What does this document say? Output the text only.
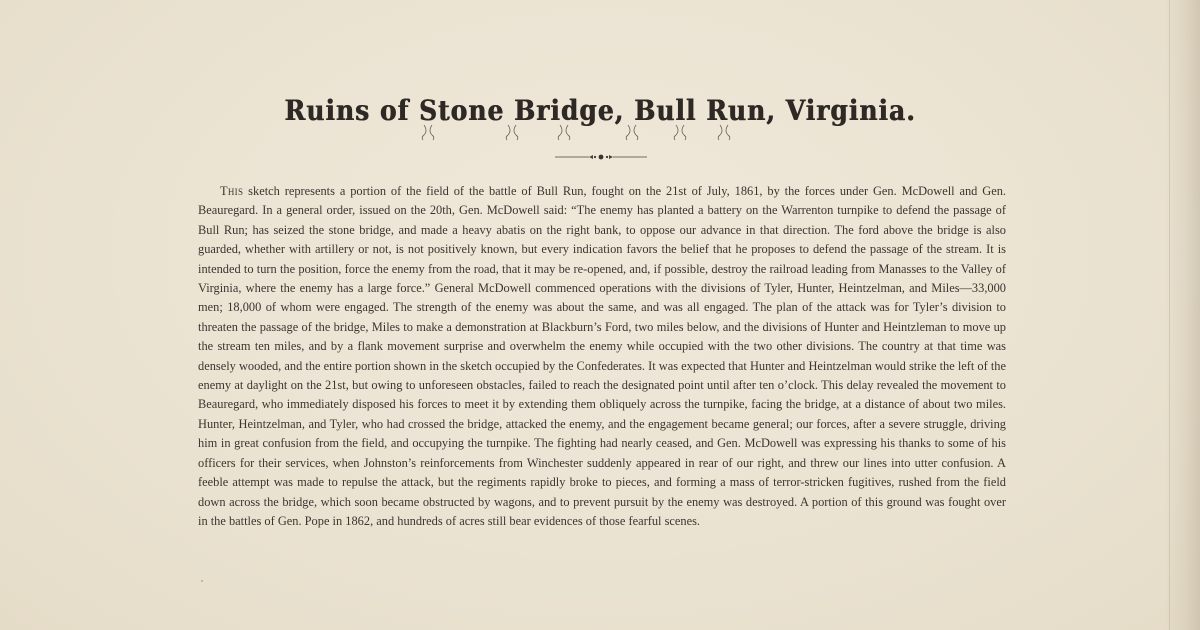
Ruins of Stone Bridge, Bull Run, Virginia.

This sketch represents a portion of the field of the battle of Bull Run, fought on the 21st of July, 1861, by the forces under Gen. McDowell and Gen. Beauregard. In a general order, issued on the 20th, Gen. McDowell said: “The enemy has planted a battery on the Warrenton turnpike to defend the passage of Bull Run; has seized the stone bridge, and made a heavy abatis on the right bank, to oppose our advance in that direction. The ford above the bridge is also guarded, whether with artillery or not, is not positively known, but every indication favors the belief that he proposes to defend the passage of the stream. It is intended to turn the position, force the enemy from the road, that it may be re-opened, and, if possible, destroy the railroad leading from Manasses to the Valley of Virginia, where the enemy has a large force.” General McDowell commenced operations with the divisions of Tyler, Hunter, Heintzelman, and Miles—33,000 men; 18,000 of whom were engaged. The strength of the enemy was about the same, and was all engaged. The plan of the attack was for Tyler’s division to threaten the passage of the bridge, Miles to make a demonstration at Blackburn’s Ford, two miles below, and the divisions of Hunter and Heintzleman to move up the stream ten miles, and by a flank movement surprise and overwhelm the enemy while occupied with the two other divisions. The country at that time was densely wooded, and the entire portion shown in the sketch occupied by the Confederates. It was expected that Hunter and Heintzelman would strike the left of the enemy at daylight on the 21st, but owing to unforeseen obstacles, failed to reach the designated point until after ten o’clock. This delay revealed the movement to Beauregard, who immediately disposed his forces to meet it by extending them obliquely across the turnpike, facing the bridge, at a distance of about two miles. Hunter, Heintzelman, and Tyler, who had crossed the bridge, attacked the enemy, and the engagement became general; our forces, after a severe struggle, driving him in great confusion from the field, and occupying the turnpike. The fighting had nearly ceased, and Gen. McDowell was expressing his thanks to some of his officers for their services, when Johnston’s reinforcements from Winchester suddenly appeared in rear of our right, and threw our lines into utter confusion. A feeble attempt was made to repulse the attack, but the regiments rapidly broke to pieces, and forming a mass of terror-stricken fugitives, rushed from the field down across the bridge, which soon became obstructed by wagons, and to prevent pursuit by the enemy was destroyed. A portion of this ground was fought over in the battles of Gen. Pope in 1862, and hundreds of acres still bear evidences of those fearful scenes.
